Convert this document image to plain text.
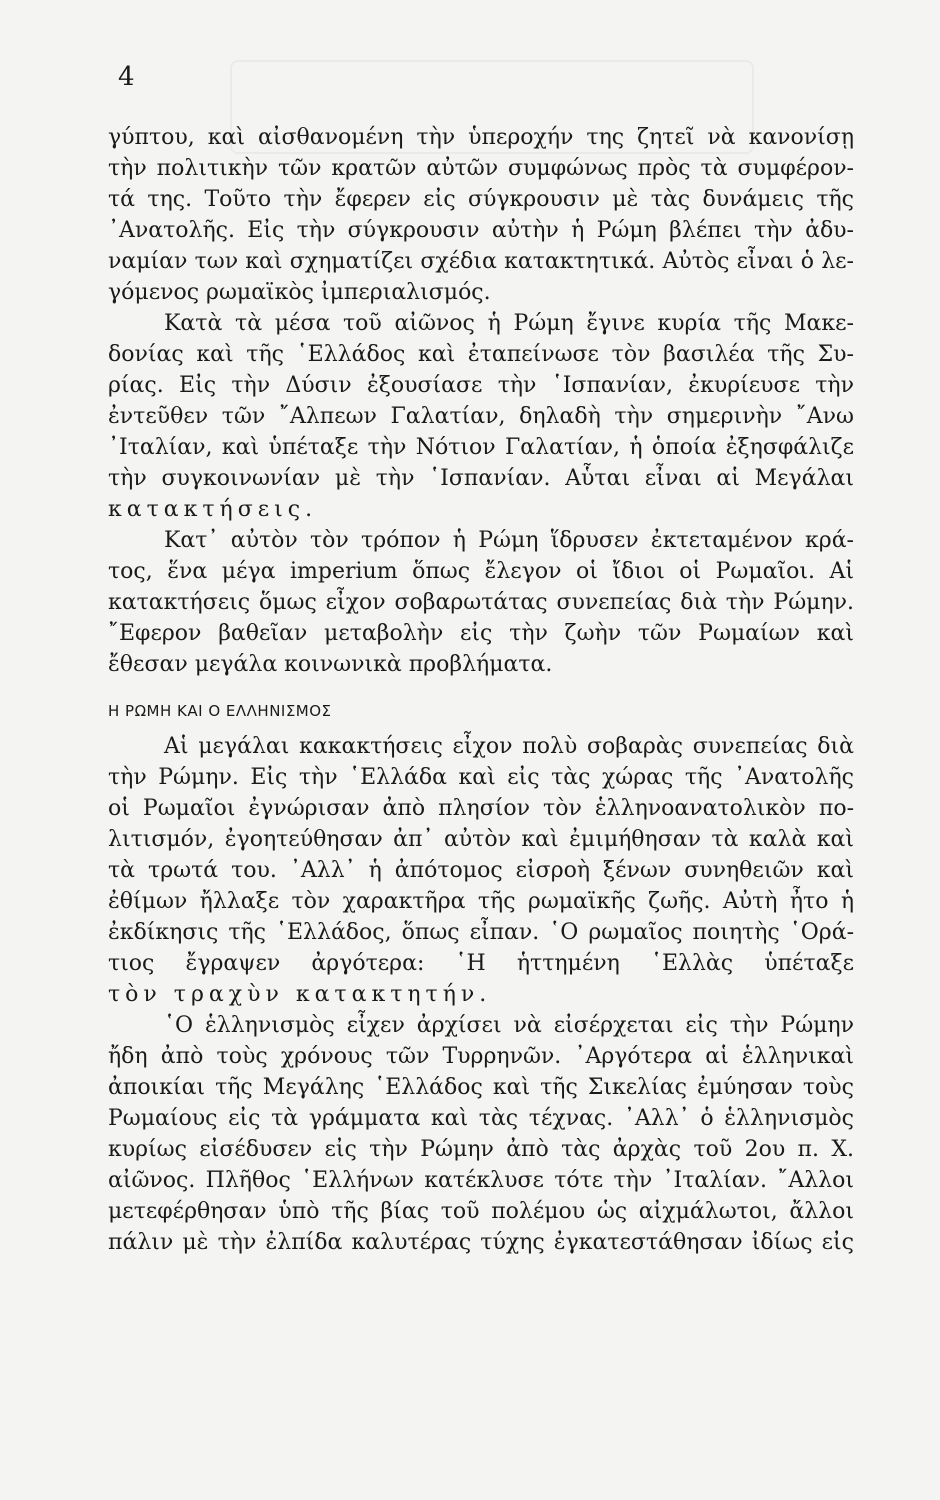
4
γύπτου, καὶ αἰσθανομένη τὴν ὑπεροχήν της ζητεῖ νὰ κανονίσῃ
τὴν πολιτικὴν τῶν κρατῶν αὐτῶν συμφώνως πρὸς τὰ συμφέρον-
τά της. Τοῦτο τὴν ἔφερεν εἰς σύγκρουσιν μὲ τὰς δυνάμεις τῆς
᾿Ανατολῆς. Εἰς τὴν σύγκρουσιν αὐτὴν ἡ Ρώμη βλέπει τὴν ἀδυ-
ναμίαν των καὶ σχηματίζει σχέδια κατακτητικά. Αὐτὸς εἶναι ὁ λε-
γόμενος ρωμαϊκὸς ἰμπεριαλισμός.
Κατὰ τὰ μέσα τοῦ αἰῶνος ἡ Ρώμη ἔγινε κυρία τῆς Μακε-
δονίας καὶ τῆς ῾Ελλάδος καὶ ἐταπείνωσε τὸν βασιλέα τῆς Συ-
ρίας. Εἰς τὴν Δύσιν ἐξουσίασε τὴν ῾Ισπανίαν, ἐκυρίευσε τὴν
ἐντεῦθεν τῶν ῎Αλπεων Γαλατίαν, δηλαδὴ τὴν σημερινὴν ῎Ανω
᾿Ιταλίαν, καὶ ὑπέταξε τὴν Νότιον Γαλατίαν, ἡ ὁποία ἐξησφάλιζε
τὴν συγκοινωνίαν μὲ τὴν ῾Ισπανίαν. Αὗται εἶναι αἱ Μεγάλαι
κατακτήσεις.
Κατ᾿ αὐτὸν τὸν τρόπον ἡ Ρώμη ἵδρυσεν ἐκτεταμένον κρά-
τος, ἕνα μέγα imperium ὅπως ἔλεγον οἱ ἴδιοι οἱ Ρωμαῖοι. Αἱ
κατακτήσεις ὅμως εἶχον σοβαρωτάτας συνεπείας διὰ τὴν Ρώμην.
῎Εφερον βαθεῖαν μεταβολὴν εἰς τὴν ζωὴν τῶν Ρωμαίων καὶ
ἔθεσαν μεγάλα κοινωνικὰ προβλήματα.
Η ΡΩΜΗ ΚΑΙ Ο ΕΛΛΗΝΙΣΜΟΣ
Αἱ μεγάλαι κακακτήσεις εἶχον πολὺ σοβαρὰς συνεπείας διὰ
τὴν Ρώμην. Εἰς τὴν ῾Ελλάδα καὶ εἰς τὰς χώρας τῆς ᾿Ανατολῆς
οἱ Ρωμαῖοι ἐγνώρισαν ἀπὸ πλησίον τὸν ἑλληνοανατολικὸν πο-
λιτισμόν, ἐγοητεύθησαν ἀπ᾿ αὐτὸν καὶ ἐμιμήθησαν τὰ καλὰ καὶ
τὰ τρωτά του. ᾿Αλλ᾿ ἡ ἀπότομος εἰσροὴ ξένων συνηθειῶν καὶ
ἐθίμων ἤλλαξε τὸν χαρακτῆρα τῆς ρωμαϊκῆς ζωῆς. Αὐτὴ ἦτο ἡ
ἐκδίκησις τῆς ῾Ελλάδος, ὅπως εἶπαν. ῾Ο ρωμαῖος ποιητὴς ῾Ορά-
τιος ἔγραψεν ἀργότερα: ῾Η ἡττημένη ῾Ελλὰς ὑπέταξε
τὸν τραχὺν κατακτητήν.
῾Ο ἑλληνισμὸς εἶχεν ἀρχίσει νὰ εἰσέρχεται εἰς τὴν Ρώμην
ἤδη ἀπὸ τοὺς χρόνους τῶν Τυρρηνῶν. ᾿Αργότερα αἱ ἑλληνικαὶ
ἀποικίαι τῆς Μεγάλης ῾Ελλάδος καὶ τῆς Σικελίας ἐμύησαν τοὺς
Ρωμαίους εἰς τὰ γράμματα καὶ τὰς τέχνας. ᾿Αλλ᾿ ὁ ἑλληνισμὸς
κυρίως εἰσέδυσεν εἰς τὴν Ρώμην ἀπὸ τὰς ἀρχὰς τοῦ 2ου π. Χ.
αἰῶνος. Πλῆθος ῾Ελλήνων κατέκλυσε τότε τὴν ᾿Ιταλίαν. ῎Αλλοι
μετεφέρθησαν ὑπὸ τῆς βίας τοῦ πολέμου ὡς αἰχμάλωτοι, ἄλλοι
πάλιν μὲ τὴν ἐλπίδα καλυτέρας τύχης ἐγκατεστάθησαν ἰδίως εἰς
